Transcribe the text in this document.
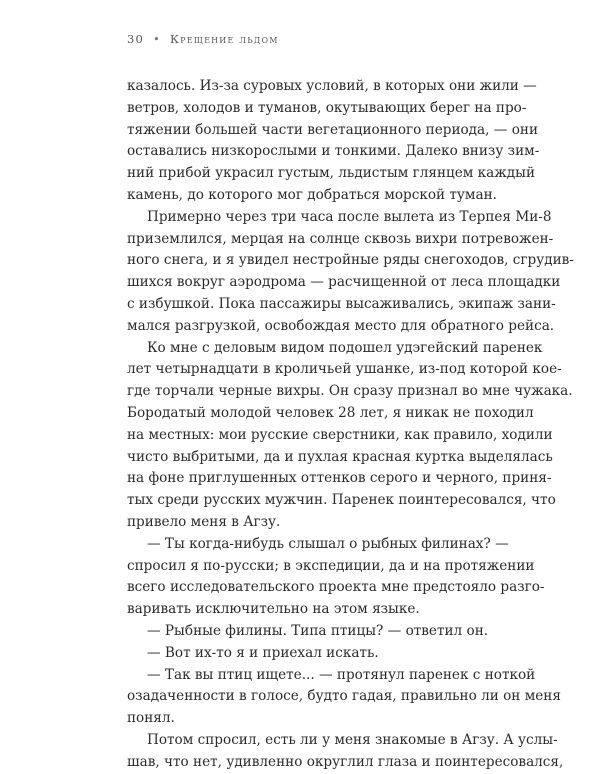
30 • Крещение льдом
казалось. Из-за суровых условий, в которых они жили —
ветров, холодов и туманов, окутывающих берег на про-
тяжении большей части вегетационного периода, — они
оставались низкорослыми и тонкими. Далеко внизу зим-
ний прибой украсил густым, льдистым глянцем каждый
камень, до которого мог добраться морской туман.
Примерно через три часа после вылета из Терпея Ми-8
приземлился, мерцая на солнце сквозь вихри потревожен-
ного снега, и я увидел нестройные ряды снегоходов, сгрудив-
шихся вокруг аэродрома — расчищенной от леса площадки
с избушкой. Пока пассажиры высаживались, экипаж зани-
мался разгрузкой, освобождая место для обратного рейса.
Ко мне с деловым видом подошел удэгейский паренек
лет четырнадцати в кроличьей ушанке, из-под которой кое-
где торчали черные вихры. Он сразу признал во мне чужака.
Бородатый молодой человек 28 лет, я никак не походил
на местных: мои русские сверстники, как правило, ходили
чисто выбритыми, да и пухлая красная куртка выделялась
на фоне приглушенных оттенков серого и черного, приня-
тых среди русских мужчин. Паренек поинтересовался, что
привело меня в Агзу.
— Ты когда-нибудь слышал о рыбных филинах? —
спросил я по-русски; в экспедиции, да и на протяжении
всего исследовательского проекта мне предстояло разго-
варивать исключительно на этом языке.
— Рыбные филины. Типа птицы? — ответил он.
— Вот их-то я и приехал искать.
— Так вы птиц ищете... — протянул паренек с ноткой
озадаченности в голосе, будто гадая, правильно ли он меня
понял.
Потом спросил, есть ли у меня знакомые в Агзу. А услы-
шав, что нет, удивленно округлил глаза и поинтересовался,
